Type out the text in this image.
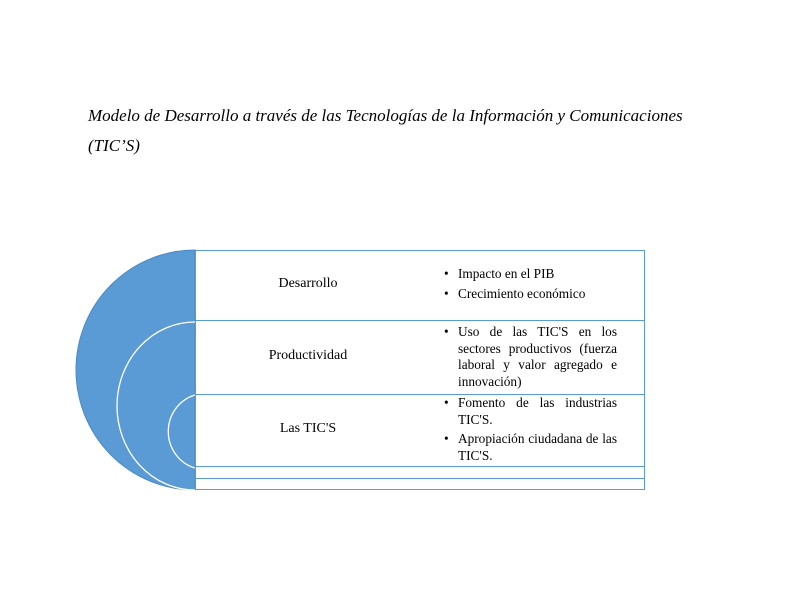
Modelo de Desarrollo a través de las Tecnologías de la Información y Comunicaciones (TIC’S)
Desarrollo
• Impacto en el PIB
• Crecimiento económico
Productividad
• Uso de las TIC'S en los sectores productivos (fuerza laboral y valor agregado e innovación)
Las TIC'S
• Fomento de las industrias TIC'S.
• Apropiación ciudadana de las TIC'S.
